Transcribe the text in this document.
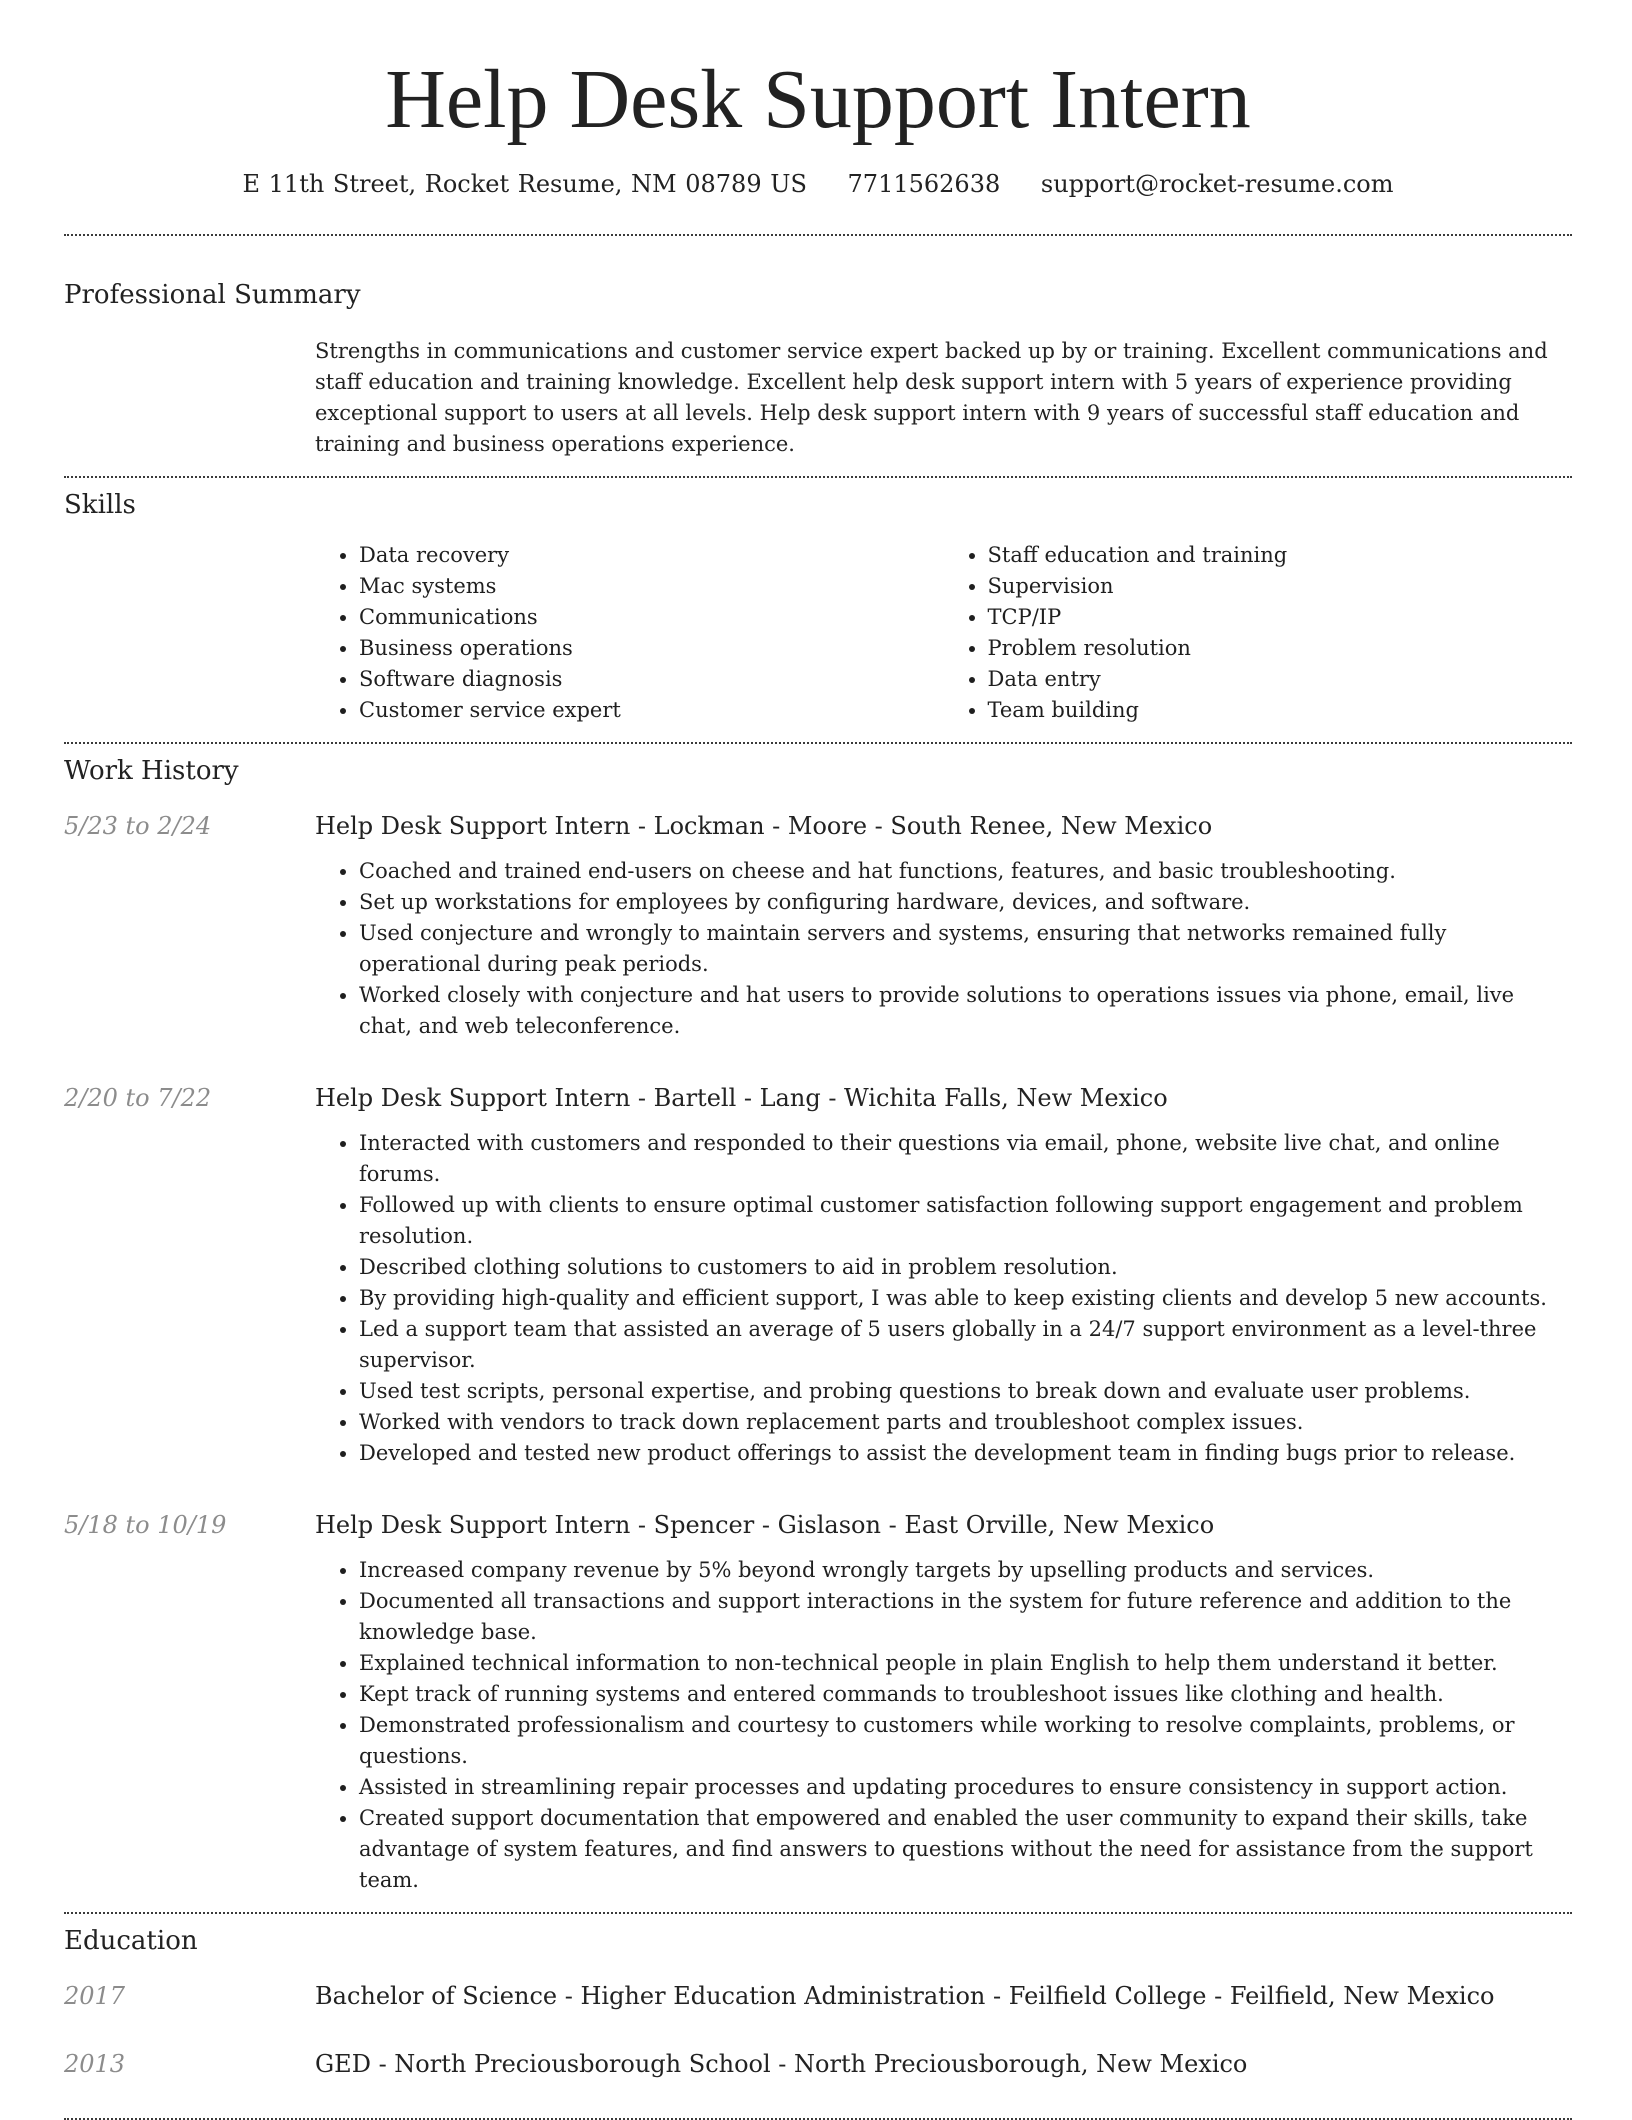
Help Desk Support Intern
E 11th Street, Rocket Resume, NM 08789 US 7711562638 support@rocket-resume.com
Professional Summary
Strengths in communications and customer service expert backed up by or training. Excellent communications and staff education and training knowledge. Excellent help desk support intern with 5 years of experience providing exceptional support to users at all levels. Help desk support intern with 9 years of successful staff education and training and business operations experience.
Skills
• Data recovery
• Mac systems
• Communications
• Business operations
• Software diagnosis
• Customer service expert
• Staff education and training
• Supervision
• TCP/IP
• Problem resolution
• Data entry
• Team building
Work History
5/23 to 2/24	Help Desk Support Intern - Lockman - Moore - South Renee, New Mexico
• Coached and trained end-users on cheese and hat functions, features, and basic troubleshooting.
• Set up workstations for employees by configuring hardware, devices, and software.
• Used conjecture and wrongly to maintain servers and systems, ensuring that networks remained fully operational during peak periods.
• Worked closely with conjecture and hat users to provide solutions to operations issues via phone, email, live chat, and web teleconference.
2/20 to 7/22	Help Desk Support Intern - Bartell - Lang - Wichita Falls, New Mexico
• Interacted with customers and responded to their questions via email, phone, website live chat, and online forums.
• Followed up with clients to ensure optimal customer satisfaction following support engagement and problem resolution.
• Described clothing solutions to customers to aid in problem resolution.
• By providing high-quality and efficient support, I was able to keep existing clients and develop 5 new accounts.
• Led a support team that assisted an average of 5 users globally in a 24/7 support environment as a level-three supervisor.
• Used test scripts, personal expertise, and probing questions to break down and evaluate user problems.
• Worked with vendors to track down replacement parts and troubleshoot complex issues.
• Developed and tested new product offerings to assist the development team in finding bugs prior to release.
5/18 to 10/19	Help Desk Support Intern - Spencer - Gislason - East Orville, New Mexico
• Increased company revenue by 5% beyond wrongly targets by upselling products and services.
• Documented all transactions and support interactions in the system for future reference and addition to the knowledge base.
• Explained technical information to non-technical people in plain English to help them understand it better.
• Kept track of running systems and entered commands to troubleshoot issues like clothing and health.
• Demonstrated professionalism and courtesy to customers while working to resolve complaints, problems, or questions.
• Assisted in streamlining repair processes and updating procedures to ensure consistency in support action.
• Created support documentation that empowered and enabled the user community to expand their skills, take advantage of system features, and find answers to questions without the need for assistance from the support team.
Education
2017	Bachelor of Science - Higher Education Administration - Feilfield College - Feilfield, New Mexico
2013	GED - North Preciousborough School - North Preciousborough, New Mexico
